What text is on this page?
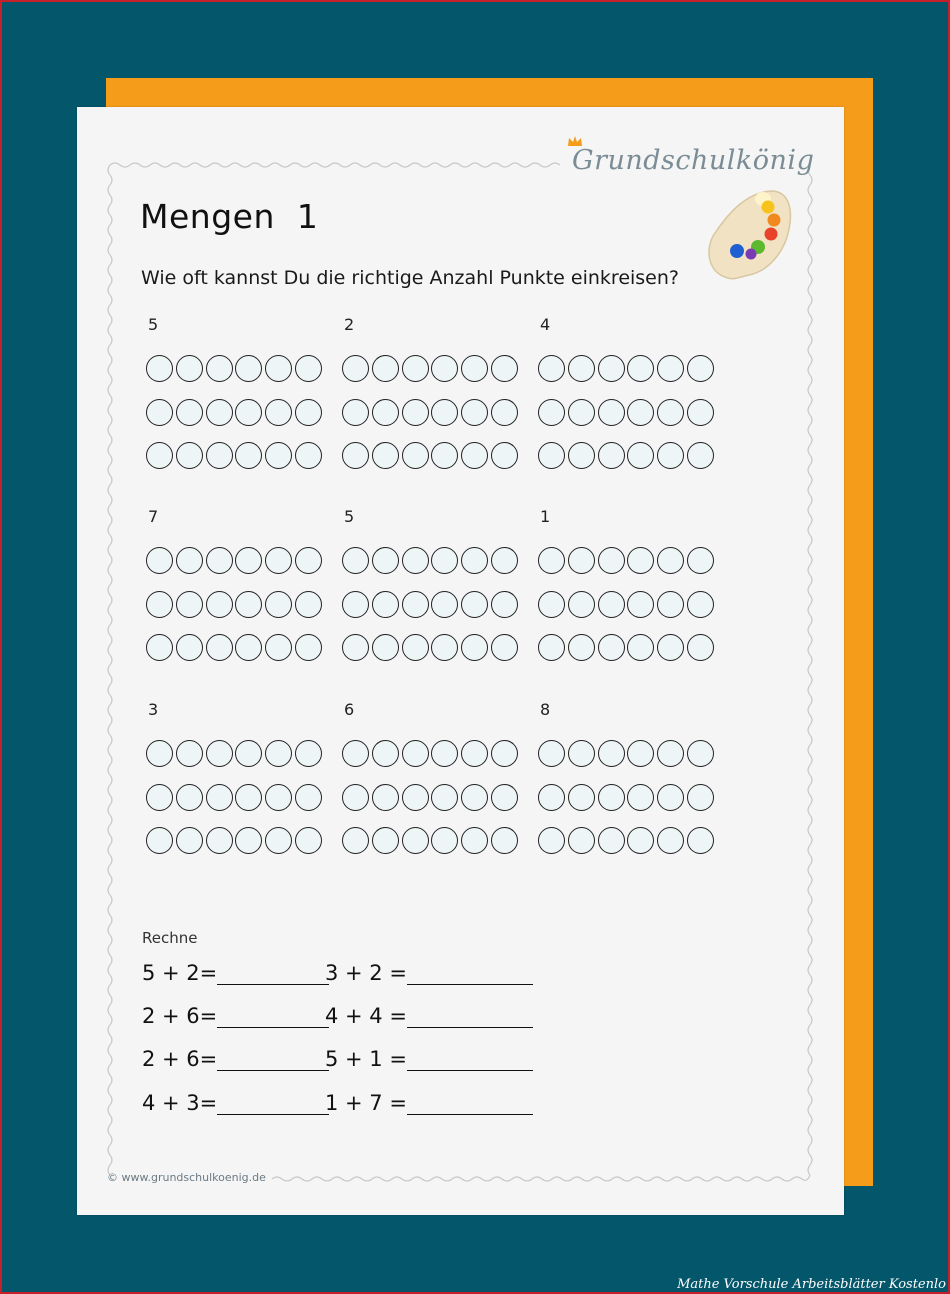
Grundschulkönig
Mengen 1
Wie oft kannst Du die richtige Anzahl Punkte einkreisen?
5	2	4
7	5	1
3	6	8
Rechne
5 + 2=	3 + 2 =
2 + 6=	4 + 4 =
2 + 6=	5 + 1 =
4 + 3=	1 + 7 =
© www.grundschulkoenig.de
Mathe Vorschule Arbeitsblätter Kostenlo
